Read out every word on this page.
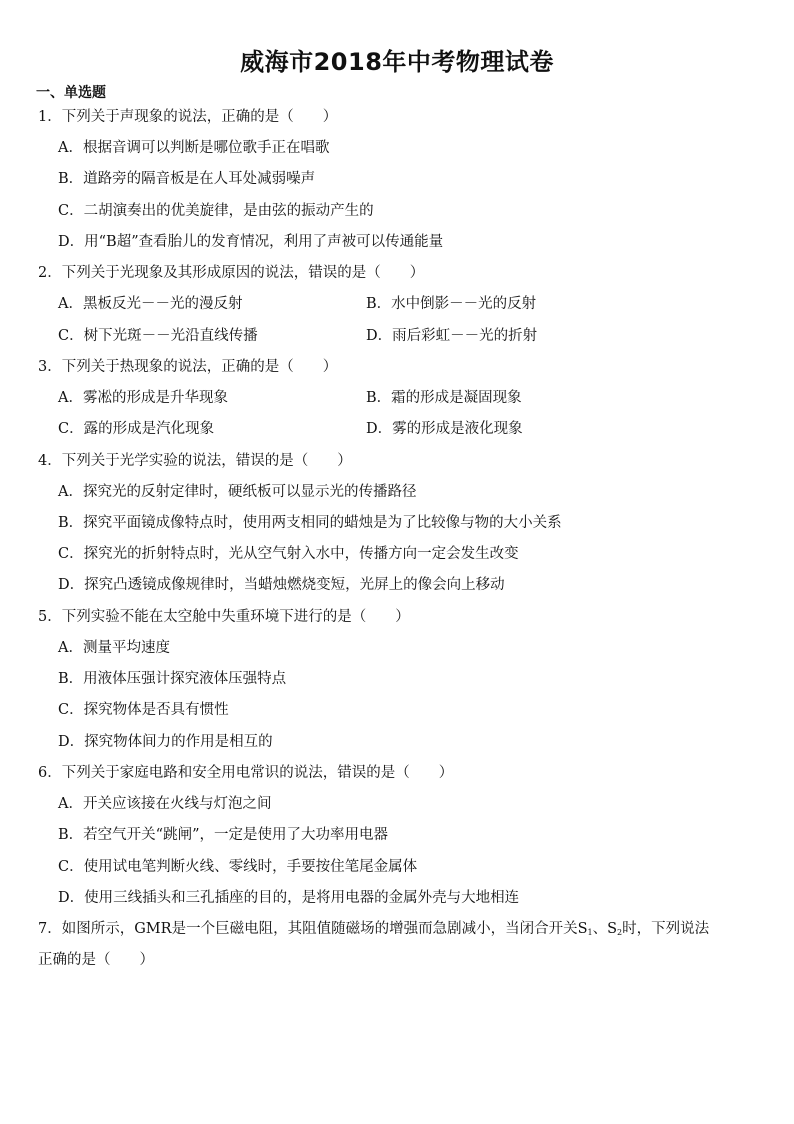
威海市2018年中考物理试卷
一、单选题
1．下列关于声现象的说法，正确的是（　　）
A．根据音调可以判断是哪位歌手正在唱歌
B．道路旁的隔音板是在人耳处减弱噪声
C．二胡演奏出的优美旋律，是由弦的振动产生的
D．用“B超”查看胎儿的发育情况，利用了声被可以传通能量
2．下列关于光现象及其形成原因的说法，错误的是（　　）
A．黑板反光－－光的漫反射	B．水中倒影－－光的反射
C．树下光斑－－光沿直线传播	D．雨后彩虹－－光的折射
3．下列关于热现象的说法，正确的是（　　）
A．雾凇的形成是升华现象	B．霜的形成是凝固现象
C．露的形成是汽化现象	D．雾的形成是液化现象
4．下列关于光学实验的说法，错误的是（　　）
A．探究光的反射定律时，硬纸板可以显示光的传播路径
B．探究平面镜成像特点时，使用两支相同的蜡烛是为了比较像与物的大小关系
C．探究光的折射特点时，光从空气射入水中，传播方向一定会发生改变
D．探究凸透镜成像规律时，当蜡烛燃烧变短，光屏上的像会向上移动
5．下列实验不能在太空舱中失重环境下进行的是（　　）
A．测量平均速度
B．用液体压强计探究液体压强特点
C．探究物体是否具有惯性
D．探究物体间力的作用是相互的
6．下列关于家庭电路和安全用电常识的说法，错误的是（　　）
A．开关应该接在火线与灯泡之间
B．若空气开关“跳闸”，一定是使用了大功率用电器
C．使用试电笔判断火线、零线时，手要按住笔尾金属体
D．使用三线插头和三孔插座的目的，是将用电器的金属外壳与大地相连
7．如图所示，GMR是一个巨磁电阻，其阻值随磁场的增强而急剧减小，当闭合开关$S_1$、$S_2$时，下列说法
正确的是（　　）
